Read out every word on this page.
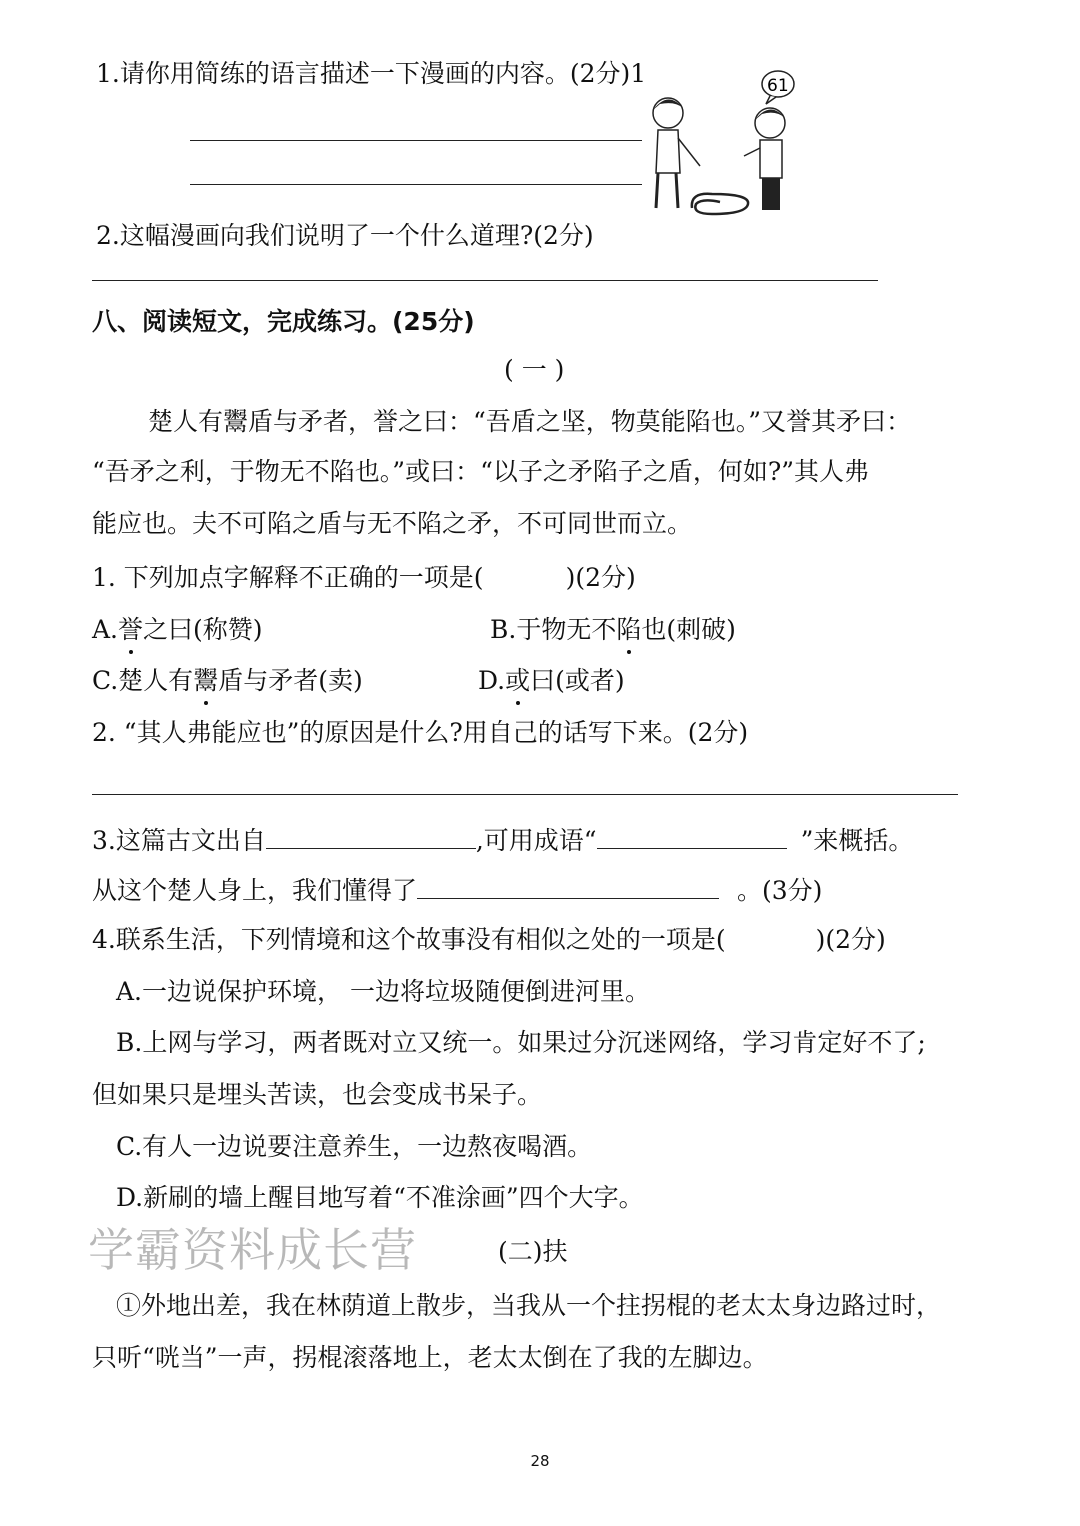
1.请你用简练的语言描述一下漫画的内容。(2分)1	61
2.这幅漫画向我们说明了一个什么道理?(2分)
八、阅读短文，完成练习。(25分)
( 一 )
楚人有鬻盾与矛者，誉之曰：“吾盾之坚，物莫能陷也。”又誉其矛曰：
“吾矛之利，于物无不陷也。”或曰：“以子之矛陷子之盾，何如?”其人弗
能应也。夫不可陷之盾与无不陷之矛，不可同世而立。
1. 下列加点字解释不正确的一项是(	)(2分)
A.誉之曰(称赞)	B.于物无不陷也(刺破)
C.楚人有鬻盾与矛者(卖)	D.或曰(或者)
2. “其人弗能应也”的原因是什么?用自己的话写下来。(2分)
3.这篇古文出自	,可用成语“	”来概括。
从这个楚人身上，我们懂得了	。(3分)
4.联系生活，下列情境和这个故事没有相似之处的一项是(	)(2分)
A.一边说保护环境， 一边将垃圾随便倒进河里。
B.上网与学习，两者既对立又统一。如果过分沉迷网络，学习肯定好不了;
但如果只是埋头苦读，也会变成书呆子。
C.有人一边说要注意养生，一边熬夜喝酒。
D.新刷的墙上醒目地写着“不准涂画”四个大字。
学霸资料成长营	(二)扶
①外地出差，我在林荫道上散步，当我从一个拄拐棍的老太太身边路过时，
只听“咣当”一声，拐棍滚落地上，老太太倒在了我的左脚边。
28
